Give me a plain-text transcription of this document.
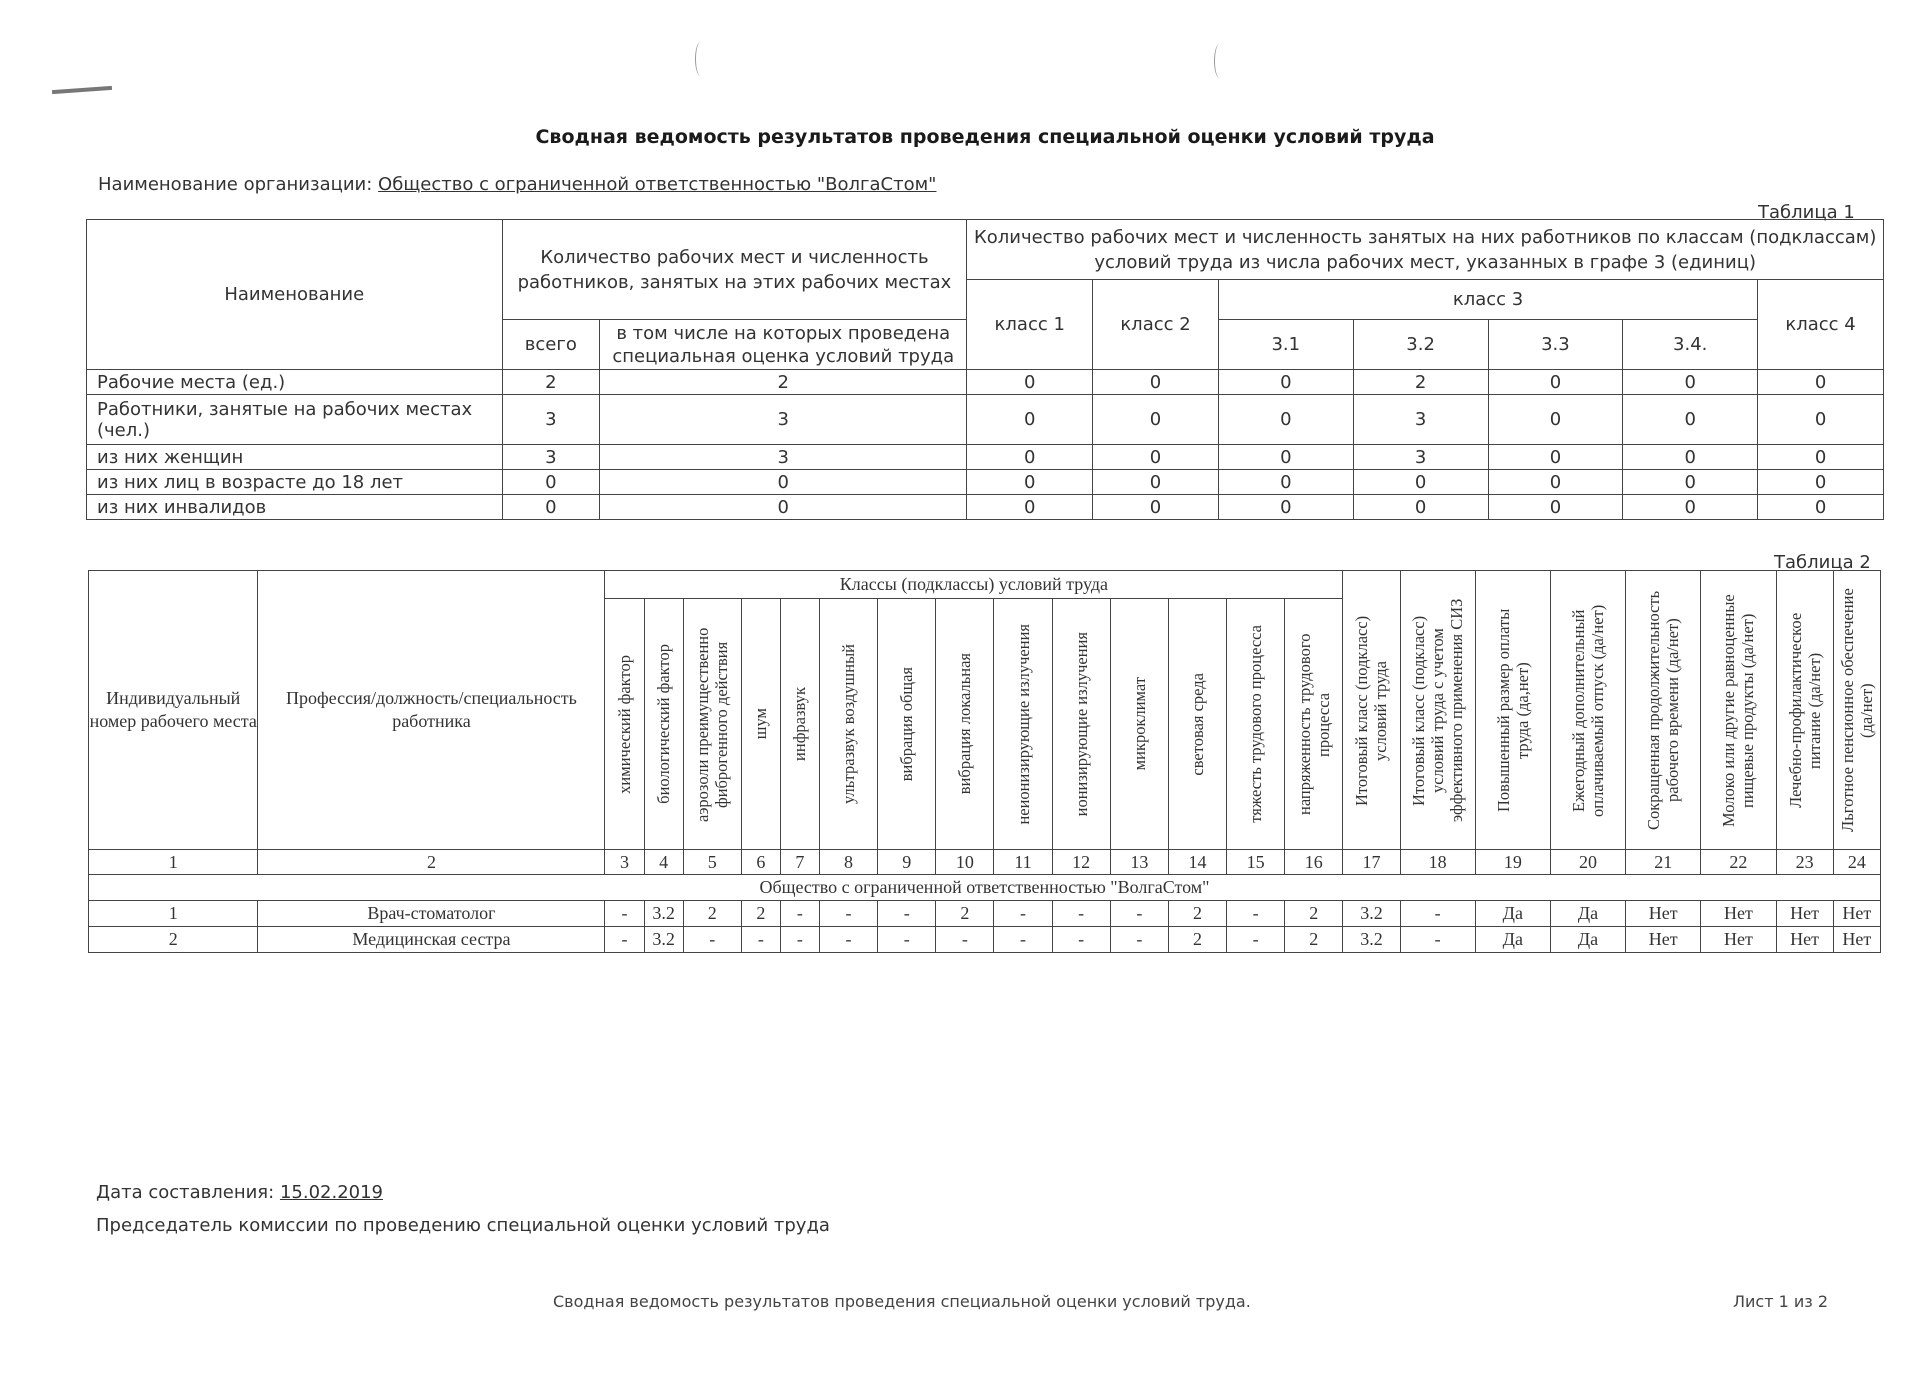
Сводная ведомость результатов проведения специальной оценки условий труда
Наименование организации: Общество с ограниченной ответственностью "ВолгаСтом"
Таблица 1
Наименование	Количество рабочих мест и численность работников, занятых на этих рабочих местах		Количество рабочих мест и численность занятых на них работников по классам (подклассам) условий труда из числа рабочих мест, указанных в графе 3 (единиц)						
			класс 1	класс 2	класс 3				класс 4
	всего	в том числе на которых проведена специальная оценка условий труда			3.1	3.2	3.3	3.4.	
Рабочие места (ед.)	2	2	0	0	0	2	0	0	0
Работники, занятые на рабочих местах (чел.)	3	3	0	0	0	3	0	0	0
из них женщин	3	3	0	0	0	3	0	0	0
из них лиц в возрасте до 18 лет	0	0	0	0	0	0	0	0	0
из них инвалидов	0	0	0	0	0	0	0	0	0
Таблица 2
Индивидуальный номер рабочего места	Профессия/должность/специальность работника	Классы (подклассы) условий труда														Итоговый класс (подкласс) условий труда	Итоговый класс (подкласс) условий труда с учетом эффективного применения СИЗ	Повышенный размер оплаты труда (да,нет)	Ежегодный дополнительный оплачиваемый отпуск (да/нет)	Сокращенная продолжительность рабочего времени (да/нет)	Молоко или другие равноценные пищевые продукты (да/нет)	Лечебно-профилактическое питание (да/нет)	Льготное пенсионное обеспечение (да/нет)

		химический фактор	биологический фактор	аэрозоли преимущественно фиброгенного действия	шум	инфразвук	ультразвук воздушный	вибрация общая	вибрация локальная	неионизирующие излучения	ионизирующие излучения	микроклимат	световая среда	тяжесть трудового процесса	напряженность трудового процесса								

1	2	3	4	5	6	7	8	9	10	11	12	13	14	15	16	17	18	19	20	21	22	23	24
Общество с ограниченной ответственностью "ВолгаСтом"																							
1	Врач-стоматолог	-	3.2	2	2	-	-	-	2	-	-	-	2	-	2	3.2	-	Да	Да	Нет	Нет	Нет	Нет
2	Медицинская сестра	-	3.2	-	-	-	-	-	-	-	-	-	2	-	2	3.2	-	Да	Да	Нет	Нет	Нет	Нет
Дата составления: 15.02.2019
Председатель комиссии по проведению специальной оценки условий труда
Сводная ведомость результатов проведения специальной оценки условий труда.	Лист 1 из 2
